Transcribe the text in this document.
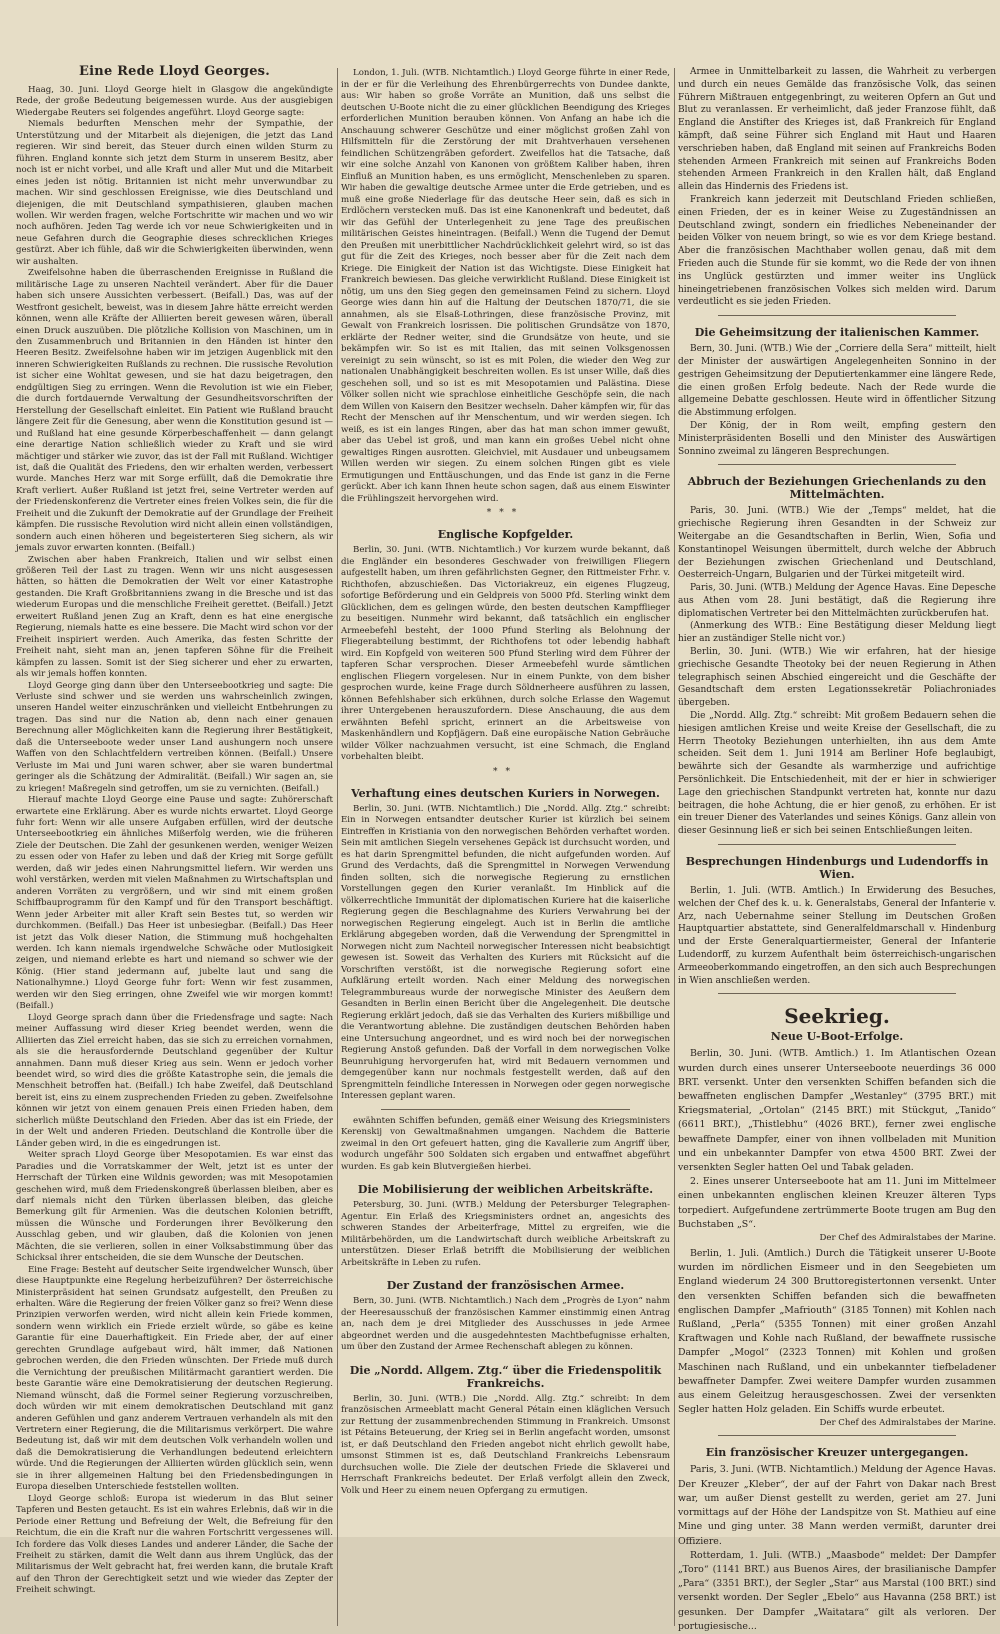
Eine Rede Lloyd Georges.

Haag, 30. Juni. Lloyd George hielt in Glasgow die angekündigte Rede, der große Bedeutung beigemessen wurde. Aus der ausgiebigen Wiedergabe Reuters sei folgendes angeführt. Lloyd George sagte:

Niemals bedurften Menschen mehr der Sympathie, der Unterstützung und der Mitarbeit als diejenigen, die jetzt das Land regieren. Wir sind bereit, das Steuer durch einen wilden Sturm zu führen. England konnte sich jetzt dem Sturm in unserem Besitz, aber noch ist er nicht vorbei, und alle Kraft und aller Mut und die Mitarbeit eines jeden ist nötig. Britannien ist nicht mehr unverwundbar zu machen. Wir sind geschlossen Ereignisse, wie dies Deutschland und diejenigen, die mit Deutschland sympathisieren, glauben machen wollen. Wir werden fragen, welche Fortschritte wir machen und wo wir noch aufhören. Jeden Tag werde ich vor neue Schwierigkeiten und in neue Gefahren durch die Geographie dieses schrecklichen Krieges gestürzt. Aber ich fühle, daß wir die Schwierigkeiten überwinden, wenn wir aushalten.

Zweifelsohne haben die überraschenden Ereignisse in Rußland die militärische Lage zu unseren Nachteil verändert. Aber für die Dauer haben sich unsere Aussichten verbessert. (Beifall.) Das, was auf der Westfront gesichelt, beweist, was in diesem Jahre hätte erreicht werden können, wenn alle Kräfte der Alliierten bereit gewesen wären, überall einen Druck auszuüben. Die plötzliche Kollision von Maschinen, um in den Zusammenbruch und Britannien in den Händen ist hinter den Heeren Besitz. Zweifelsohne haben wir im jetzigen Augenblick mit den inneren Schwierigkeiten Rußlands zu rechnen. Die russische Revolution ist sicher eine Wohltat gewesen, und sie hat dazu beigetragen, den endgültigen Sieg zu erringen. Wenn die Revolution ist wie ein Fieber, die durch fortdauernde Verwaltung der Gesundheitsvorschriften der Herstellung der Gesellschaft einleitet. Ein Patient wie Rußland braucht längere Zeit für die Genesung, aber wenn die Konstitution gesund ist — und Rußland hat eine gesunde Körperbeschaffenheit — dann gelangt eine derartige Nation schließlich wieder zu Kraft und sie wird mächtiger und stärker wie zuvor, das ist der Fall mit Rußland. Wichtiger ist, daß die Qualität des Friedens, den wir erhalten werden, verbessert wurde. Manches Herz war mit Sorge erfüllt, daß die Demokratie ihre Kraft verliert. Außer Rußland ist jetzt frei, seine Vertreter werden auf der Friedenskonferenz die Vertreter eines freien Volkes sein, die für die Freiheit und die Zukunft der Demokratie auf der Grundlage der Freiheit kämpfen. Die russische Revolution wird nicht allein einen vollständigen, sondern auch einen höheren und begeisterteren Sieg sichern, als wir jemals zuvor erwarten konnten. (Beifall.)

Zwischen aber haben Frankreich, Italien und wir selbst einen größeren Teil der Last zu tragen. Wenn wir uns nicht ausgesessen hätten, so hätten die Demokratien der Welt vor einer Katastrophe gestanden. Die Kraft Großbritanniens zwang in die Bresche und ist das wiederum Europas und die menschliche Freiheit gerettet. (Beifall.) Jetzt erweitert Rußland jenen Zug an Kraft, denn es hat eine energische Regierung, niemals hatte es eine bessere. Die Macht wird schon vor der Freiheit inspiriert werden. Auch Amerika, das festen Schritte der Freiheit naht, sieht man an, jenen tapferen Söhne für die Freiheit kämpfen zu lassen. Somit ist der Sieg sicherer und eher zu erwarten, als wir jemals hoffen konnten.

Lloyd George ging dann über den Unterseebootkrieg und sagte: Die Verluste sind schwer und sie werden uns wahrscheinlich zwingen, unseren Handel weiter einzuschränken und vielleicht Entbehrungen zu tragen. Das sind nur die Nation ab, denn nach einer genauen Berechnung aller Möglichkeiten kann die Regierung ihrer Bestätigkeit, daß die Unterseeboote weder unser Land aushungern noch unsere Waffen von den Schlachtfeldern vertreiben können. (Beifall.) Unsere Verluste im Mai und Juni waren schwer, aber sie waren bundertmal geringer als die Schätzung der Admiralität. (Beifall.) Wir sagen an, sie zu kriegen! Maßregeln sind getroffen, um sie zu vernichten. (Beifall.)

Hierauf machte Lloyd George eine Pause und sagte: Zuhörerschaft erwartete eine Erklärung. Aber es wurde nichts erwartet. Lloyd George fuhr fort: Wenn wir alle unsere Aufgaben erfüllen, wird der deutsche Unterseebootkrieg ein ähnliches Mißerfolg werden, wie die früheren Ziele der Deutschen. Die Zahl der gesunkenen werden, weniger Weizen zu essen oder von Hafer zu leben und daß der Krieg mit Sorge gefüllt werden, daß wir jedes einen Nahrungsmittel liefern. Wir werden uns wohl verstärken, werden mit vielen Maßnahmen zu Wirtschaftsplan und anderen Vorräten zu vergrößern, und wir sind mit einem großen Schiffbauprogramm für den Kampf und für den Transport beschäftigt. Wenn jeder Arbeiter mit aller Kraft sein Bestes tut, so werden wir durchkommen. (Beifall.) Das Heer ist unbesiegbar. (Beifall.) Das Heer ist jetzt das Volk dieser Nation, die Stimmung muß hochgehalten werden. Ich kann niemals irgendwelche Schwäche oder Mutlosigkeit zeigen, und niemand erlebte es hart und niemand so schwer wie der König. (Hier stand jedermann auf, jubelte laut und sang die Nationalhymne.) Lloyd George fuhr fort: Wenn wir fest zusammen, werden wir den Sieg erringen, ohne Zweifel wie wir morgen kommt! (Beifall.)

Lloyd George sprach dann über die Friedensfrage und sagte: Nach meiner Auffassung wird dieser Krieg beendet werden, wenn die Alliierten das Ziel erreicht haben, das sie sich zu erreichen vornahmen, als sie die herausfordernde Deutschland gegenüber der Kultur annahmen. Dann muß dieser Krieg aus sein. Wenn er jedoch vorher beendet wird, so wird dies die größte Katastrophe sein, die jemals die Menschheit betroffen hat. (Beifall.) Ich habe Zweifel, daß Deutschland bereit ist, eins zu einem zusprechenden Frieden zu geben. Zweifelsohne können wir jetzt von einem genauen Preis einen Frieden haben, dem sicherlich müßte Deutschland den Frieden. Aber das ist ein Friede, der in der Welt und anderen Frieden. Deutschland die Kontrolle über die Länder geben wird, in die es eingedrungen ist.

Weiter sprach Lloyd George über Mesopotamien. Es war einst das Paradies und die Vorratskammer der Welt, jetzt ist es unter der Herrschaft der Türken eine Wildnis geworden; was mit Mesopotamien geschehen wird, muß dem Friedenskongreß überlassen bleiben, aber es darf niemals nicht den Türken überlassen bleiben, das gleiche Bemerkung gilt für Armenien. Was die deutschen Kolonien betrifft, müssen die Wünsche und Forderungen ihrer Bevölkerung den Ausschlag geben, und wir glauben, daß die Kolonien von jenen Mächten, die sie verlieren, sollen in einer Volksabstimmung über das Schicksal ihrer entscheiden, die sie dem Wunsche der Deutschen.

Eine Frage: Besteht auf deutscher Seite irgendwelcher Wunsch, über diese Hauptpunkte eine Regelung herbeizuführen? Der österreichische Ministerpräsident hat seinen Grundsatz aufgestellt, den Preußen zu erhalten. Wäre die Regierung der freien Völker ganz so frei? Wenn diese Prinzipien verworfen werden, wird nicht allein kein Friede kommen, sondern wenn wirklich ein Friede erzielt würde, so gäbe es keine Garantie für eine Dauerhaftigkeit. Ein Friede aber, der auf einer gerechten Grundlage aufgebaut wird, hält immer, daß Nationen gebrochen werden, die den Frieden wünschten. Der Friede muß durch die Vernichtung der preußischen Militärmacht garantiert werden. Die beste Garantie wäre eine Demokratisierung der deutschen Regierung. Niemand wünscht, daß die Formel seiner Regierung vorzuschreiben, doch würden wir mit einem demokratischen Deutschland mit ganz anderen Gefühlen und ganz anderem Vertrauen verhandeln als mit den Vertretern einer Regierung, die die Militarismus verkörpert. Die wahre Bedeutung ist, daß wir mit dem deutschen Volk verhandeln wollen und daß die Demokratisierung die Verhandlungen bedeutend erleichtern würde. Und die Regierungen der Alliierten würden glücklich sein, wenn sie in ihrer allgemeinen Haltung bei den Friedensbedingungen in Europa dieselben Unterschiede feststellen wollten.

Lloyd George schloß: Europa ist wiederum in das Blut seiner Tapferen und Besten getaucht. Es ist ein wahres Erlebnis, daß wir in die Periode einer Rettung und Befreiung der Welt, die Befreiung für den Reichtum, die ein die Kraft nur die wahren Fortschritt vergessenes will. Ich fordere das Volk dieses Landes und anderer Länder, die Sache der Freiheit zu stärken, damit die Welt dann aus ihrem Unglück, das der Militarismus der Welt gebracht hat, frei werden kann, die brutale Kraft auf den Thron der Gerechtigkeit setzt und wie wieder das Zepter der Freiheit schwingt.

London, 1. Juli. (WTB. Nichtamtlich.) Lloyd George führte in einer Rede, in der er für die Verleihung des Ehrenbürgerrechts von Dundee dankte, aus: Wir haben so große Vorräte an Munition, daß uns selbst die deutschen U-Boote nicht die zu einer glücklichen Beendigung des Krieges erforderlichen Munition berauben können. Von Anfang an habe ich die Anschauung schwerer Geschütze und einer möglichst großen Zahl von Hilfsmitteln für die Zerstörung der mit Drahtverhauen versehenen feindlichen Schützengräben gefordert. Zweifellos hat die Tatsache, daß wir eine solche Anzahl von Kanonen von größtem Kaliber haben, ihren Einfluß an Munition haben, es uns ermöglicht, Menschenleben zu sparen. Wir haben die gewaltige deutsche Armee unter die Erde getrieben, und es muß eine große Niederlage für das deutsche Heer sein, daß es sich in Erdlöchern verstecken muß. Das ist eine Kanonenkraft und bedeutet, daß wir das Gefühl der Unterlegenheit zu jene Tage des preußischen militärischen Geistes hineintragen. (Beifall.) Wenn die Tugend der Demut den Preußen mit unerbittlicher Nachdrücklichkeit gelehrt wird, so ist das gut für die Zeit des Krieges, noch besser aber für die Zeit nach dem Kriege. Die Einigkeit der Nation ist das Wichtigste. Diese Einigkeit hat Frankreich bewiesen. Das gleiche verwirklicht Rußland. Diese Einigkeit ist nötig, um uns den Sieg gegen den gemeinsamen Feind zu sichern. Lloyd George wies dann hin auf die Haltung der Deutschen 1870/71, die sie annahmen, als sie Elsaß-Lothringen, diese französische Provinz, mit Gewalt von Frankreich losrissen. Die politischen Grundsätze von 1870, erklärte der Redner weiter, sind die Grundsätze von heute, und sie bekämpfen wir. So ist es mit Italien, das mit seinen Volksgenossen vereinigt zu sein wünscht, so ist es mit Polen, die wieder den Weg zur nationalen Unabhängigkeit beschreiten wollen. Es ist unser Wille, daß dies geschehen soll, und so ist es mit Mesopotamien und Palästina. Diese Völker sollen nicht wie sprachlose einheitliche Geschöpfe sein, die nach dem Willen von Kaisern den Besitzer wechseln. Daher kämpfen wir, für das Recht der Menschen auf ihr Menschentum, und wir werden siegen. Ich weiß, es ist ein langes Ringen, aber das hat man schon immer gewußt, aber das Uebel ist groß, und man kann ein großes Uebel nicht ohne gewaltiges Ringen ausrotten. Gleichviel, mit Ausdauer und unbeugsamem Willen werden wir siegen. Zu einem solchen Ringen gibt es viele Ermutigungen und Enttäuschungen, und das Ende ist ganz in die Ferne gerückt. Aber ich kann Ihnen heute schon sagen, daß aus einem Eiswinter die Frühlingszeit hervorgehen wird.

***
Englische Kopfgelder.

Berlin, 30. Juni. (WTB. Nichtamtlich.) Vor kurzem wurde bekannt, daß die Engländer ein besonderes Geschwader von freiwilligen Fliegern aufgestellt haben, um ihren gefährlichsten Gegner, den Rittmeister Frhr. v. Richthofen, abzuschießen. Das Victoriakreuz, ein eigenes Flugzeug, sofortige Beförderung und ein Geldpreis von 5000 Pfd. Sterling winkt dem Glücklichen, dem es gelingen würde, den besten deutschen Kampfflieger zu beseitigen. Nunmehr wird bekannt, daß tatsächlich ein englischer Armeebefehl besteht, der 1000 Pfund Sterling als Belohnung der Fliegerabteilung bestimmt, der Richthofens tot oder lebendig habhaft wird. Ein Kopfgeld von weiteren 500 Pfund Sterling wird dem Führer der tapferen Schar versprochen. Dieser Armeebefehl wurde sämtlichen englischen Fliegern vorgelesen. Nur in einem Punkte, von dem bisher gesprochen wurde, keine Frage durch Söldnerheere ausführen zu lassen, können Befehlshaber sich erkühnen, durch solche Erlasse den Wagemut ihrer Untergebenen herauszufordern. Diese Anschauung, die aus dem erwähnten Befehl spricht, erinnert an die Arbeitsweise von Maskenhändlern und Kopfjägern. Daß eine europäische Nation Gebräuche wilder Völker nachzuahmen versucht, ist eine Schmach, die England vorbehalten bleibt.

**
Verhaftung eines deutschen Kuriers in Norwegen.

Berlin, 30. Juni. (WTB. Nichtamtlich.) Die „Nordd. Allg. Ztg.“ schreibt: Ein in Norwegen entsandter deutscher Kurier ist kürzlich bei seinem Eintreffen in Kristiania von den norwegischen Behörden verhaftet worden. Sein mit amtlichen Siegeln versehenes Gepäck ist durchsucht worden, und es hat darin Sprengmittel befunden, die nicht aufgefunden worden. Auf Grund des Verdachts, daß die Sprengmittel in Norwegen Verwendung finden sollten, sich die norwegische Regierung zu ernstlichen Vorstellungen gegen den Kurier veranlaßt. Im Hinblick auf die völkerrechtliche Immunität der diplomatischen Kuriere hat die kaiserliche Regierung gegen die Beschlagnahme des Kuriers Verwahrung bei der norwegischen Regierung eingelegt. Auch ist in Berlin die amtliche Erklärung abgegeben worden, daß die Verwendung der Sprengmittel in Norwegen nicht zum Nachteil norwegischer Interessen nicht beabsichtigt gewesen ist. Soweit das Verhalten des Kuriers mit Rücksicht auf die Vorschriften verstößt, ist die norwegische Regierung sofort eine Aufklärung erteilt worden. Nach einer Meldung des norwegischen Telegrammbureaus wurde der norwegische Minister des Aeußern dem Gesandten in Berlin einen Bericht über die Angelegenheit. Die deutsche Regierung erklärt jedoch, daß sie das Verhalten des Kuriers mißbillige und die Verantwortung ablehne. Die zuständigen deutschen Behörden haben eine Untersuchung angeordnet, und es wird noch bei der norwegischen Regierung Anstoß gefunden. Daß der Vorfall in dem norwegischen Volke Beunruhigung hervorgerufen hat, wird mit Bedauern vernommen und demgegenüber kann nur nochmals festgestellt werden, daß auf den Sprengmitteln feindliche Interessen in Norwegen oder gegen norwegische Interessen geplant waren.

ewähnten Schiffen befunden, gemäß einer Weisung des Kriegsministers Kerenskij von Gewaltmaßnahmen umgangen. Nachdem die Batterie zweimal in den Ort gefeuert hatten, ging die Kavallerie zum Angriff über, wodurch ungefähr 500 Soldaten sich ergaben und entwaffnet abgeführt wurden. Es gab kein Blutvergießen hierbei.

Die Mobilisierung der weiblichen Arbeitskräfte.

Petersburg, 30. Juni. (WTB.) Meldung der Petersburger Telegraphen-Agentur. Ein Erlaß des Kriegsministers ordnet an, angesichts des schweren Standes der Arbeiterfrage, Mittel zu ergreifen, wie die Militärbehörden, um die Landwirtschaft durch weibliche Arbeitskraft zu unterstützen. Dieser Erlaß betrifft die Mobilisierung der weiblichen Arbeitskräfte in Leben zu rufen.

Der Zustand der französischen Armee.

Bern, 30. Juni. (WTB. Nichtamtlich.) Nach dem „Progrès de Lyon“ nahm der Heeresausschuß der französischen Kammer einstimmig einen Antrag an, nach dem je drei Mitglieder des Ausschusses in jede Armee abgeordnet werden und die ausgedehntesten Machtbefugnisse erhalten, um über den Zustand der Armee Rechenschaft ablegen zu können.

Die „Nordd. Allgem. Ztg.“ über die Friedenspolitik Frankreichs.

Berlin, 30. Juni. (WTB.) Die „Nordd. Allg. Ztg.“ schreibt: In dem französischen Armeeblatt macht General Pétain einen kläglichen Versuch zur Rettung der zusammenbrechenden Stimmung in Frankreich. Umsonst ist Pétains Beteuerung, der Krieg sei in Berlin angefacht worden, umsonst ist, er daß Deutschland den Frieden angebot nicht ehrlich gewollt habe, umsonst Stimmen ist es, daß Deutschland Frankreichs Lebensraum durchsuchen wolle. Die Ziele der deutschen Friede die Sklaverei und Herrschaft Frankreichs bedeutet. Der Erlaß verfolgt allein den Zweck, Volk und Heer zu einem neuen Opfergang zu ermutigen.

Armee in Unmittelbarkeit zu lassen, die Wahrheit zu verbergen und durch ein neues Gemälde das französische Volk, das seinen Führern Mißtrauen entgegenbringt, zu weiteren Opfern an Gut und Blut zu veranlassen. Er verheimlicht, daß jeder Franzose fühlt, daß England die Anstifter des Krieges ist, daß Frankreich für England kämpft, daß seine Führer sich England mit Haut und Haaren verschrieben haben, daß England mit seinen auf Frankreichs Boden stehenden Armeen Frankreich mit seinen auf Frankreichs Boden stehenden Armeen Frankreich in den Krallen hält, daß England allein das Hindernis des Friedens ist.

Frankreich kann jederzeit mit Deutschland Frieden schließen, einen Frieden, der es in keiner Weise zu Zugeständnissen an Deutschland zwingt, sondern ein friedliches Nebeneinander der beiden Völker von neuem bringt, so wie es vor dem Kriege bestand. Aber die französischen Machthaber wollen genau, daß mit dem Frieden auch die Stunde für sie kommt, wo die Rede der von ihnen ins Unglück gestürzten und immer weiter ins Unglück hineingetriebenen französischen Volkes sich melden wird. Darum verdeutlicht es sie jeden Frieden.

Die Geheimsitzung der italienischen Kammer.

Bern, 30. Juni. (WTB.) Wie der „Corriere della Sera“ mitteilt, hielt der Minister der auswärtigen Angelegenheiten Sonnino in der gestrigen Geheimsitzung der Deputiertenkammer eine längere Rede, die einen großen Erfolg bedeute. Nach der Rede wurde die allgemeine Debatte geschlossen. Heute wird in öffentlicher Sitzung die Abstimmung erfolgen.

Der König, der in Rom weilt, empfing gestern den Ministerpräsidenten Boselli und den Minister des Auswärtigen Sonnino zweimal zu längeren Besprechungen.

Abbruch der Beziehungen Griechenlands zu den Mittelmächten.

Paris, 30. Juni. (WTB.) Wie der „Temps“ meldet, hat die griechische Regierung ihren Gesandten in der Schweiz zur Weitergabe an die Gesandtschaften in Berlin, Wien, Sofia und Konstantinopel Weisungen übermittelt, durch welche der Abbruch der Beziehungen zwischen Griechenland und Deutschland, Oesterreich-Ungarn, Bulgarien und der Türkei mitgeteilt wird.

Paris, 30. Juni. (WTB.) Meldung der Agence Havas. Eine Depesche aus Athen vom 28. Juni bestätigt, daß die Regierung ihre diplomatischen Vertreter bei den Mittelmächten zurückberufen hat.

(Anmerkung des WTB.: Eine Bestätigung dieser Meldung liegt hier an zuständiger Stelle nicht vor.)

Berlin, 30. Juni. (WTB.) Wie wir erfahren, hat der hiesige griechische Gesandte Theotoky bei der neuen Regierung in Athen telegraphisch seinen Abschied eingereicht und die Geschäfte der Gesandtschaft dem ersten Legationssekretär Poliachroniades übergeben.

Die „Nordd. Allg. Ztg.“ schreibt: Mit großem Bedauern sehen die hiesigen amtlichen Kreise und weite Kreise der Gesellschaft, die zu Herrn Theotoky Beziehungen unterhielten, ihn aus dem Amte scheiden. Seit dem 1. Juni 1914 am Berliner Hofe beglaubigt, bewährte sich der Gesandte als warmherzige und aufrichtige Persönlichkeit. Die Entschiedenheit, mit der er hier in schwieriger Lage den griechischen Standpunkt vertreten hat, konnte nur dazu beitragen, die hohe Achtung, die er hier genoß, zu erhöhen. Er ist ein treuer Diener des Vaterlandes und seines Königs. Ganz allein von dieser Gesinnung ließ er sich bei seinen Entschließungen leiten.

Besprechungen Hindenburgs und Ludendorffs in Wien.

Berlin, 1. Juli. (WTB. Amtlich.) In Erwiderung des Besuches, welchen der Chef des k. u. k. Generalstabs, General der Infanterie v. Arz, nach Uebernahme seiner Stellung im Deutschen Großen Hauptquartier abstattete, sind Generalfeldmarschall v. Hindenburg und der Erste Generalquartiermeister, General der Infanterie Ludendorff, zu kurzem Aufenthalt beim österreichisch-ungarischen Armeeoberkommando eingetroffen, an den sich auch Besprechungen in Wien anschließen werden.

Seekrieg.
Neue U-Boot-Erfolge.

Berlin, 30. Juni. (WTB. Amtlich.) 1. Im Atlantischen Ozean wurden durch eines unserer Unterseeboote neuerdings 36 000 BRT. versenkt. Unter den versenkten Schiffen befanden sich die bewaffneten englischen Dampfer „Westanley“ (3795 BRT.) mit Kriegsmaterial, „Ortolan“ (2145 BRT.) mit Stückgut, „Tanido“ (6611 BRT.), „Thistlebhu“ (4026 BRT.), ferner zwei englische bewaffnete Dampfer, einer von ihnen vollbeladen mit Munition und ein unbekannter Dampfer von etwa 4500 BRT. Zwei der versenkten Segler hatten Oel und Tabak geladen.

2. Eines unserer Unterseeboote hat am 11. Juni im Mittelmeer einen unbekannten englischen kleinen Kreuzer älteren Typs torpediert. Aufgefundene zertrümmerte Boote trugen am Bug den Buchstaben „S“.

Der Chef des Admiralstabes der Marine.

Berlin, 1. Juli. (Amtlich.) Durch die Tätigkeit unserer U-Boote wurden im nördlichen Eismeer und in den Seegebieten um England wiederum 24 300 Bruttoregistertonnen versenkt. Unter den versenkten Schiffen befanden sich die bewaffneten englischen Dampfer „Mafriouth“ (3185 Tonnen) mit Kohlen nach Rußland, „Perla“ (5355 Tonnen) mit einer großen Anzahl Kraftwagen und Kohle nach Rußland, der bewaffnete russische Dampfer „Mogol“ (2323 Tonnen) mit Kohlen und großen Maschinen nach Rußland, und ein unbekannter tiefbeladener bewaffneter Dampfer. Zwei weitere Dampfer wurden zusammen aus einem Geleitzug herausgeschossen. Zwei der versenkten Segler hatten Holz geladen. Ein Schiffs wurde erbeutet.

Der Chef des Admiralstabes der Marine.
Ein französischer Kreuzer untergegangen.

Paris, 3. Juni. (WTB. Nichtamtlich.) Meldung der Agence Havas. Der Kreuzer „Kleber“, der auf der Fahrt von Dakar nach Brest war, um außer Dienst gestellt zu werden, geriet am 27. Juni vormittags auf der Höhe der Landspitze von St. Mathieu auf eine Mine und ging unter. 38 Mann werden vermißt, darunter drei Offiziere.

Rotterdam, 1. Juli. (WTB.) „Maasbode“ meldet: Der Dampfer „Toro“ (1141 BRT.) aus Buenos Aires, der brasilianische Dampfer „Para“ (3351 BRT.), der Segler „Star“ aus Marstal (100 BRT.) sind versenkt worden. Der Segler „Ebelo“ aus Havanna (258 BRT.) ist gesunken. Der Dampfer „Waitatara“ gilt als verloren. Der portugiesische...
